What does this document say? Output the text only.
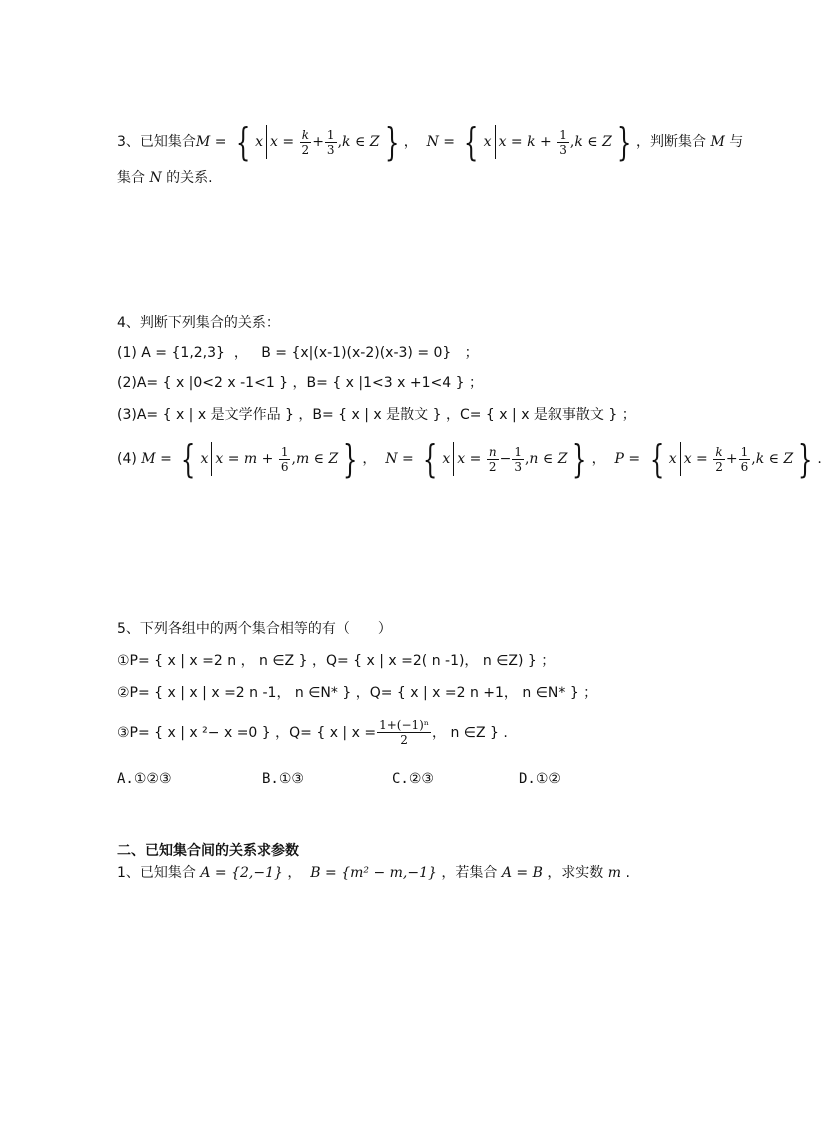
3、已知集合 M = { x $x = \frac{k}{2} + \frac{1}{3}$ , k ∈ Z } ， N = { x $x = k + \frac{1}{3}$ , k ∈ Z } ，判断集合 M 与
集合 N 的关系.
4、判断下列集合的关系：
(1) A = {1,2,3}  ，   B = {x|(x-1)(x-2)(x-3) = 0} ；
(2)A= { x |0<2 x -1<1 } ，B= { x |1<3 x +1<4 } ；
(3)A= { x | x 是文学作品 } ，B= { x | x 是散文 } ，C= { x | x 是叙事散文 } ；
(4) M = { x $x = m + \frac{1}{6}$ , m ∈ Z } ， N = { x $x = \frac{n}{2} - \frac{1}{3}$ , n ∈ Z } ， P = { x $x = \frac{k}{2} + \frac{1}{6}$ , k ∈ Z } .
5、下列各组中的两个集合相等的有（　　）
①P= { x | x =2 n ， n ∈Z } ，Q= { x | x =2( n -1)， n ∈Z) } ；
②P= { x | x | x =2 n -1， n ∈N* } ，Q= { x | x =2 n +1， n ∈N* } ；
③P= { x | x ²− x =0 } ，Q= { x | $x = \frac{\text{1+(−1)ⁿ}}{2}$ ， n ∈Z } .
A.①②③	B.①③	C.②③	D.①②
二、已知集合间的关系求参数
1、已知集合 A = {2,−1} ，  B = {m² − m,−1} ，若集合 A = B ，求实数 m .
